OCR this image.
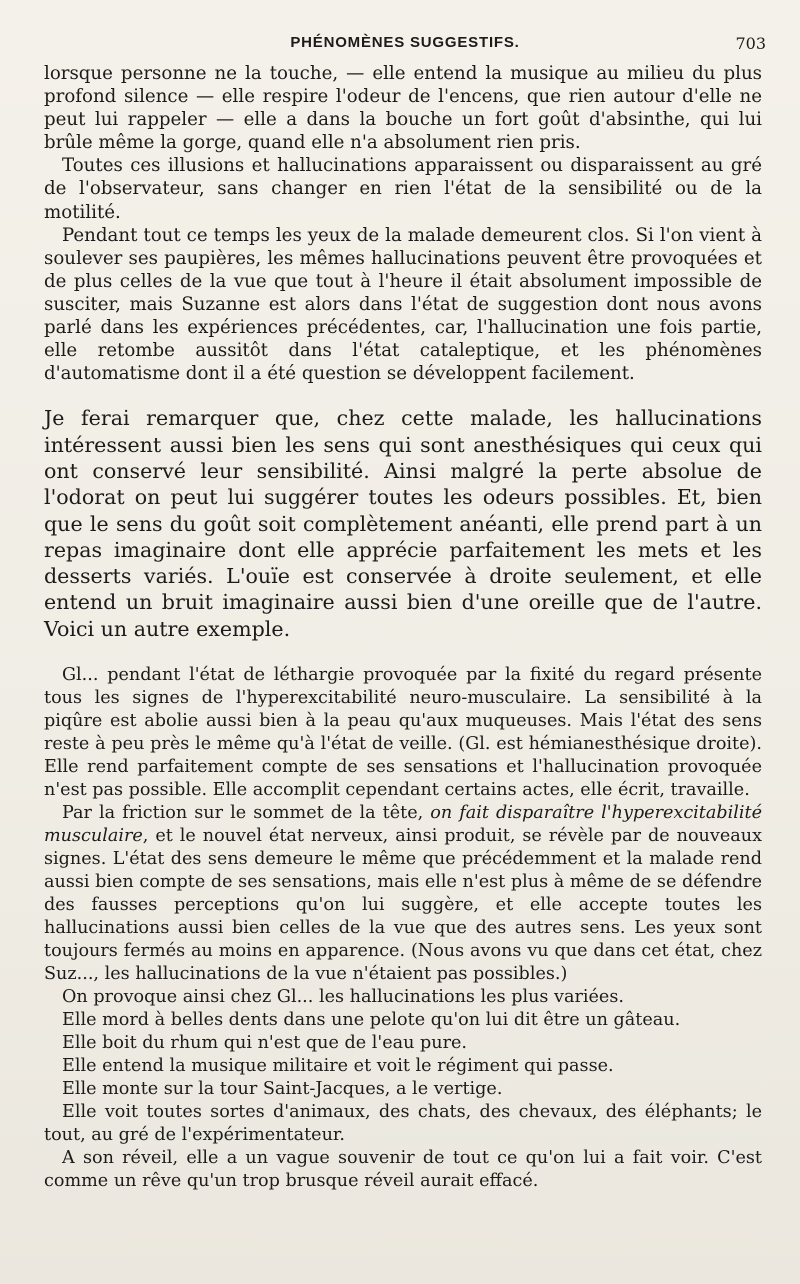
PHÉNOMÈNES SUGGESTIFS.	703

lorsque personne ne la touche, — elle entend la musique au milieu du plus profond silence — elle respire l'odeur de l'encens, que rien autour d'elle ne peut lui rappeler — elle a dans la bouche un fort goût d'absinthe, qui lui brûle même la gorge, quand elle n'a absolument rien pris.

Toutes ces illusions et hallucinations apparaissent ou disparaissent au gré de l'observateur, sans changer en rien l'état de la sensibilité ou de la motilité.

Pendant tout ce temps les yeux de la malade demeurent clos. Si l'on vient à soulever ses paupières, les mêmes hallucinations peuvent être provoquées et de plus celles de la vue que tout à l'heure il était absolument impossible de susciter, mais Suzanne est alors dans l'état de suggestion dont nous avons parlé dans les expériences précédentes, car, l'hallucination une fois partie, elle retombe aussitôt dans l'état cataleptique, et les phénomènes d'automatisme dont il a été question se développent facilement.

Je ferai remarquer que, chez cette malade, les hallucinations intéressent aussi bien les sens qui sont anesthésiques qui ceux qui ont conservé leur sensibilité. Ainsi malgré la perte absolue de l'odorat on peut lui suggérer toutes les odeurs possibles. Et, bien que le sens du goût soit complètement anéanti, elle prend part à un repas imaginaire dont elle apprécie parfaitement les mets et les desserts variés. L'ouïe est conservée à droite seulement, et elle entend un bruit imaginaire aussi bien d'une oreille que de l'autre. Voici un autre exemple.

Gl... pendant l'état de léthargie provoquée par la fixité du regard présente tous les signes de l'hyperexcitabilité neuro-musculaire. La sensibilité à la piqûre est abolie aussi bien à la peau qu'aux muqueuses. Mais l'état des sens reste à peu près le même qu'à l'état de veille. (Gl. est hémianesthésique droite). Elle rend parfaitement compte de ses sensations et l'hallucination provoquée n'est pas possible. Elle accomplit cependant certains actes, elle écrit, travaille.

Par la friction sur le sommet de la tête, on fait disparaître l'hyperexcitabilité musculaire, et le nouvel état nerveux, ainsi produit, se révèle par de nouveaux signes. L'état des sens demeure le même que précédemment et la malade rend aussi bien compte de ses sensations, mais elle n'est plus à même de se défendre des fausses perceptions qu'on lui suggère, et elle accepte toutes les hallucinations aussi bien celles de la vue que des autres sens. Les yeux sont toujours fermés au moins en apparence. (Nous avons vu que dans cet état, chez Suz..., les hallucinations de la vue n'étaient pas possibles.)

On provoque ainsi chez Gl... les hallucinations les plus variées.

Elle mord à belles dents dans une pelote qu'on lui dit être un gâteau.

Elle boit du rhum qui n'est que de l'eau pure.

Elle entend la musique militaire et voit le régiment qui passe.

Elle monte sur la tour Saint-Jacques, a le vertige.

Elle voit toutes sortes d'animaux, des chats, des chevaux, des éléphants; le tout, au gré de l'expérimentateur.

A son réveil, elle a un vague souvenir de tout ce qu'on lui a fait voir. C'est comme un rêve qu'un trop brusque réveil aurait effacé.
